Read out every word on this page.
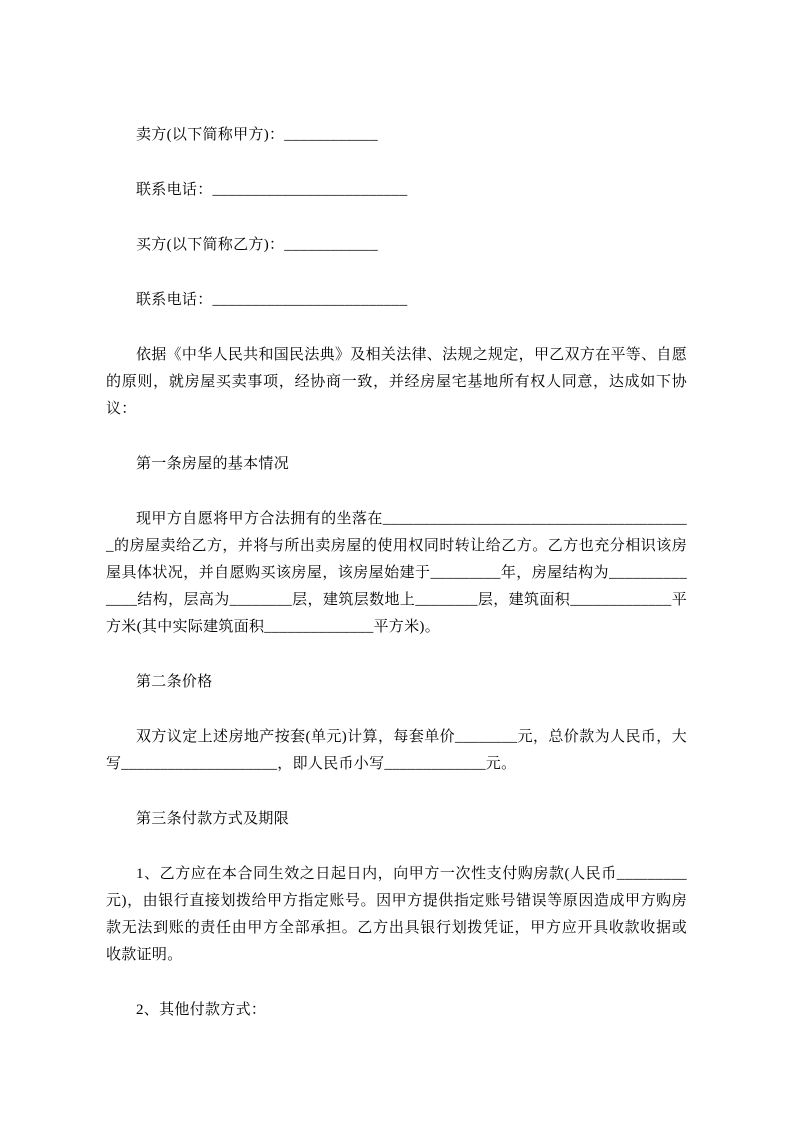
卖方(以下简称甲方)：____________

联系电话：_________________________

买方(以下简称乙方)：____________

联系电话：_________________________

依据《中华人民共和国民法典》及相关法律、法规之规定，甲乙双方在平等、自愿的原则，就房屋买卖事项，经协商一致，并经房屋宅基地所有权人同意，达成如下协议：

第一条房屋的基本情况

现甲方自愿将甲方合法拥有的坐落在________________________________________的房屋卖给乙方，并将与所出卖房屋的使用权同时转让给乙方。乙方也充分相识该房屋具体状况，并自愿购买该房屋，该房屋始建于_________年，房屋结构为______________结构，层高为________层，建筑层数地上________层，建筑面积_____________平方米(其中实际建筑面积______________平方米)。

第二条价格

双方议定上述房地产按套(单元)计算，每套单价________元，总价款为人民币，大写____________________，即人民币小写_____________元。

第三条付款方式及期限

1、乙方应在本合同生效之日起日内，向甲方一次性支付购房款(人民币_________元)，由银行直接划拨给甲方指定账号。因甲方提供指定账号错误等原因造成甲方购房款无法到账的责任由甲方全部承担。乙方出具银行划拨凭证，甲方应开具收款收据或收款证明。

2、其他付款方式：
